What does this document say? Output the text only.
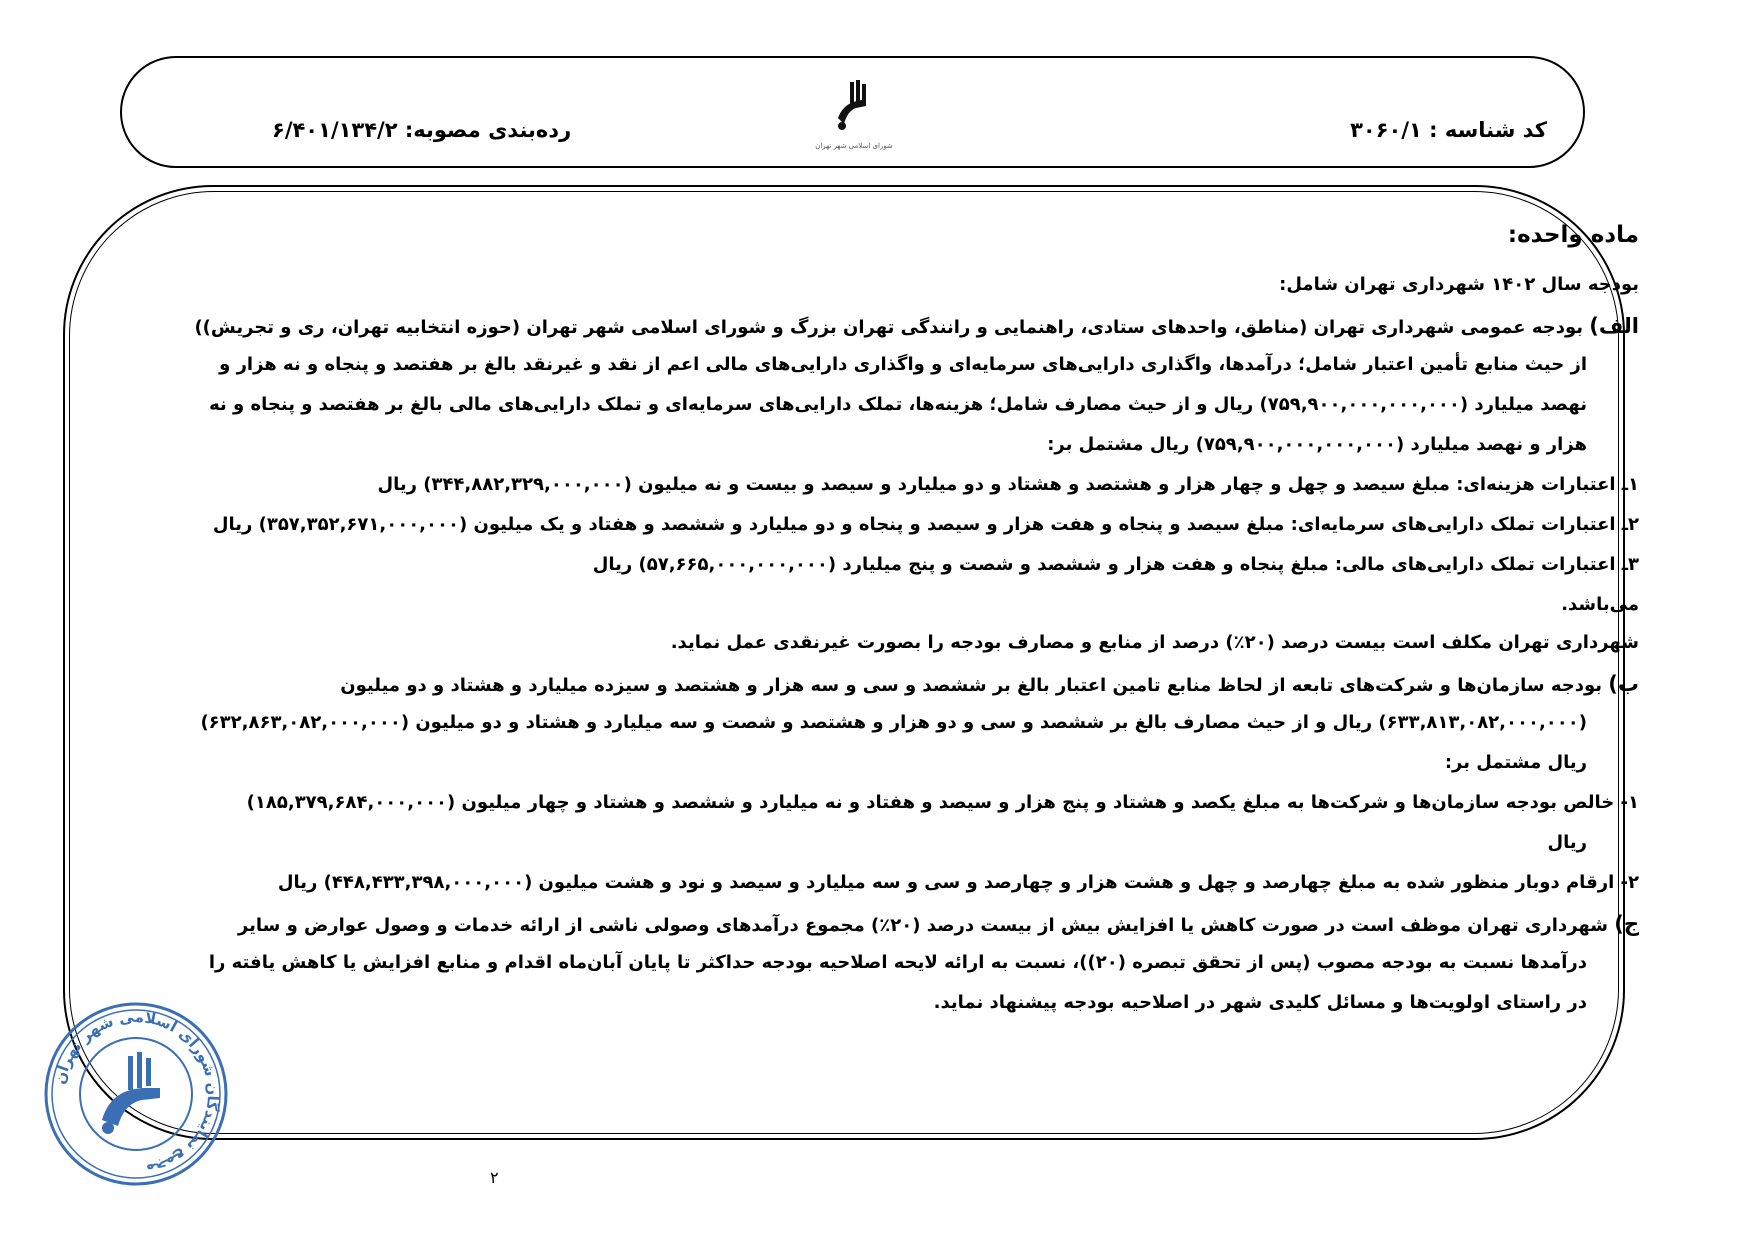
کد شناسه : ۳۰۶۰/۱
شورای اسلامی شهر تهران
رده‌بندی مصوبه: ۶/۴۰۱/۱۳۴/۲
ماده واحده:
بودجه سال ۱۴۰۲ شهرداری تهران شامل:
الف) بودجه عمومی شهرداری تهران (مناطق، واحدهای ستادی، راهنمایی و رانندگی تهران بزرگ و شورای اسلامی شهر تهران (حوزه انتخابیه تهران، ری و تجریش))
از حیث منابع تأمین اعتبار شامل؛ درآمدها، واگذاری دارایی‌های سرمایه‌ای و واگذاری دارایی‌های مالی اعم از نقد و غیرنقد بالغ بر هفتصد و پنجاه و نه هزار و
نهصد میلیارد (۷۵۹,۹۰۰,۰۰۰,۰۰۰,۰۰۰) ریال و از حیث مصارف شامل؛ هزینه‌ها، تملک دارایی‌های سرمایه‌ای و تملک دارایی‌های مالی بالغ بر هفتصد و پنجاه و نه
هزار و نهصد میلیارد (۷۵۹,۹۰۰,۰۰۰,۰۰۰,۰۰۰) ریال مشتمل بر:
۱ـ اعتبارات هزینه‌ای: مبلغ سیصد و چهل و چهار هزار و هشتصد و هشتاد و دو میلیارد و سیصد و بیست و نه میلیون (۳۴۴,۸۸۲,۳۲۹,۰۰۰,۰۰۰) ریال
۲ـ اعتبارات تملک دارایی‌های سرمایه‌ای: مبلغ سیصد و پنجاه و هفت هزار و سیصد و پنجاه و دو میلیارد و ششصد و هفتاد و یک میلیون (۳۵۷,۳۵۲,۶۷۱,۰۰۰,۰۰۰) ریال
۳ـ اعتبارات تملک دارایی‌های مالی: مبلغ پنجاه و هفت هزار و ششصد و شصت و پنج میلیارد (۵۷,۶۶۵,۰۰۰,۰۰۰,۰۰۰) ریال
می‌باشد.
شهرداری تهران مکلف است بیست درصد (۲۰٪) درصد از منابع و مصارف بودجه را بصورت غیرنقدی عمل نماید.
ب) بودجه سازمان‌ها و شرکت‌های تابعه از لحاظ منابع تامین اعتبار بالغ بر ششصد و سی و سه هزار و هشتصد و سیزده میلیارد و هشتاد و دو میلیون
(۶۳۳,۸۱۳,۰۸۲,۰۰۰,۰۰۰) ریال و از حیث مصارف بالغ بر ششصد و سی و دو هزار و هشتصد و شصت و سه میلیارد و هشتاد و دو میلیون (۶۳۲,۸۶۳,۰۸۲,۰۰۰,۰۰۰)
ریال مشتمل بر:
۱- خالص بودجه سازمان‌ها و شرکت‌ها به مبلغ یکصد و هشتاد و پنج هزار و سیصد و هفتاد و نه میلیارد و ششصد و هشتاد و چهار میلیون (۱۸۵,۳۷۹,۶۸۴,۰۰۰,۰۰۰)
ریال
۲- ارقام دوبار منظور شده به مبلغ چهارصد و چهل و هشت هزار و چهارصد و سی و سه میلیارد و سیصد و نود و هشت میلیون (۴۴۸,۴۳۳,۳۹۸,۰۰۰,۰۰۰) ریال
ج) شهرداری تهران موظف است در صورت کاهش یا افزایش بیش از بیست درصد (۲۰٪) مجموع درآمدهای وصولی ناشی از ارائه خدمات و وصول عوارض و سایر
درآمدها نسبت به بودجه مصوب (پس از تحقق تبصره (۲۰))، نسبت به ارائه لایحه اصلاحیه بودجه حداکثر تا پایان آبان‌ماه اقدام و منابع افزایش یا کاهش یافته را
در راستای اولویت‌ها و مسائل کلیدی شهر در اصلاحیه بودجه پیشنهاد نماید.
مجمع نمایندگان شورای اسلامی شهر تهران	۲
